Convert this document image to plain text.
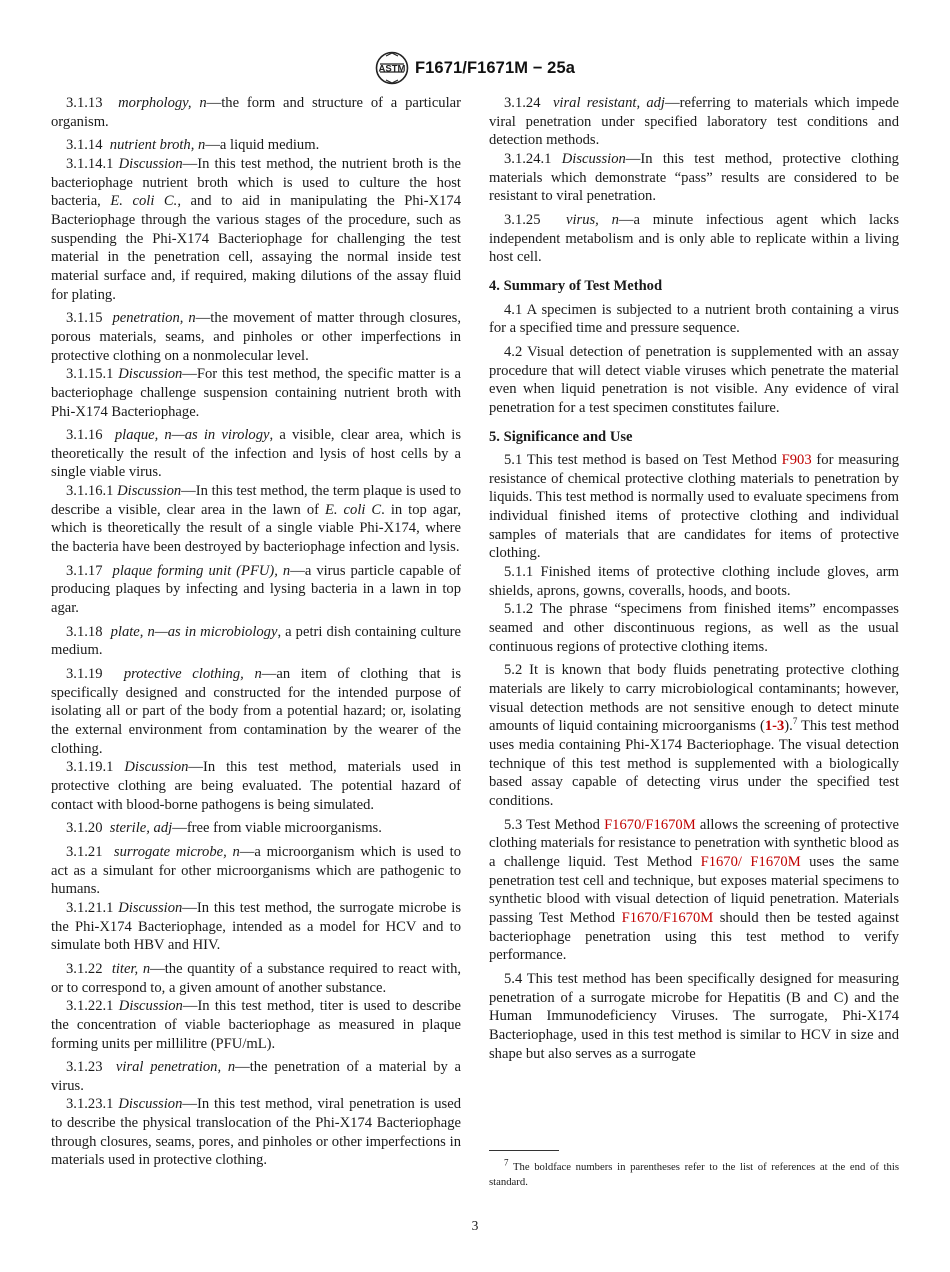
ASTM F1671/F1671M − 25a

3.1.13 morphology, n—the form and structure of a particular organism.

3.1.14 nutrient broth, n—a liquid medium.

3.1.14.1 Discussion—In this test method, the nutrient broth is the bacteriophage nutrient broth which is used to culture the host bacteria, E. coli C., and to aid in manipulating the Phi-X174 Bacteriophage through the various stages of the procedure, such as suspending the Phi-X174 Bacteriophage for challenging the test material in the penetration cell, assaying the normal inside test material surface and, if required, making dilutions of the assay fluid for plating.

3.1.15 penetration, n—the movement of matter through closures, porous materials, seams, and pinholes or other imperfections in protective clothing on a nonmolecular level.

3.1.15.1 Discussion—For this test method, the specific matter is a bacteriophage challenge suspension containing nutrient broth with Phi-X174 Bacteriophage.

3.1.16 plaque, n—as in virology, a visible, clear area, which is theoretically the result of the infection and lysis of host cells by a single viable virus.

3.1.16.1 Discussion—In this test method, the term plaque is used to describe a visible, clear area in the lawn of E. coli C. in top agar, which is theoretically the result of a single viable Phi-X174, where the bacteria have been destroyed by bacteriophage infection and lysis.

3.1.17 plaque forming unit (PFU), n—a virus particle capable of producing plaques by infecting and lysing bacteria in a lawn in top agar.

3.1.18 plate, n—as in microbiology, a petri dish containing culture medium.

3.1.19 protective clothing, n—an item of clothing that is specifically designed and constructed for the intended purpose of isolating all or part of the body from a potential hazard; or, isolating the external environment from contamination by the wearer of the clothing.

3.1.19.1 Discussion—In this test method, materials used in protective clothing are being evaluated. The potential hazard of contact with blood-borne pathogens is being simulated.

3.1.20 sterile, adj—free from viable microorganisms.

3.1.21 surrogate microbe, n—a microorganism which is used to act as a simulant for other microorganisms which are pathogenic to humans.

3.1.21.1 Discussion—In this test method, the surrogate microbe is the Phi-X174 Bacteriophage, intended as a model for HCV and to simulate both HBV and HIV.

3.1.22 titer, n—the quantity of a substance required to react with, or to correspond to, a given amount of another substance.

3.1.22.1 Discussion—In this test method, titer is used to describe the concentration of viable bacteriophage as measured in plaque forming units per millilitre (PFU/mL).

3.1.23 viral penetration, n—the penetration of a material by a virus.

3.1.23.1 Discussion—In this test method, viral penetration is used to describe the physical translocation of the Phi-X174 Bacteriophage through closures, seams, pores, and pinholes or other imperfections in materials used in protective clothing.

3.1.24 viral resistant, adj—referring to materials which impede viral penetration under specified laboratory test conditions and detection methods.

3.1.24.1 Discussion—In this test method, protective clothing materials which demonstrate “pass” results are considered to be resistant to viral penetration.

3.1.25 virus, n—a minute infectious agent which lacks independent metabolism and is only able to replicate within a living host cell.

4. Summary of Test Method

4.1 A specimen is subjected to a nutrient broth containing a virus for a specified time and pressure sequence.

4.2 Visual detection of penetration is supplemented with an assay procedure that will detect viable viruses which penetrate the material even when liquid penetration is not visible. Any evidence of viral penetration for a test specimen constitutes failure.

5. Significance and Use

5.1 This test method is based on Test Method F903 for measuring resistance of chemical protective clothing materials to penetration by liquids. This test method is normally used to evaluate specimens from individual finished items of protective clothing and individual samples of materials that are candidates for items of protective clothing.

5.1.1 Finished items of protective clothing include gloves, arm shields, aprons, gowns, coveralls, hoods, and boots.

5.1.2 The phrase “specimens from finished items” encompasses seamed and other discontinuous regions, as well as the usual continuous regions of protective clothing items.

5.2 It is known that body fluids penetrating protective clothing materials are likely to carry microbiological contaminants; however, visual detection methods are not sensitive enough to detect minute amounts of liquid containing microorganisms (1-3).$^7$ This test method uses media containing Phi-X174 Bacteriophage. The visual detection technique of this test method is supplemented with a biologically based assay capable of detecting virus under the specified test conditions.

5.3 Test Method F1670/F1670M allows the screening of protective clothing materials for resistance to penetration with synthetic blood as a challenge liquid. Test Method F1670/ F1670M uses the same penetration test cell and technique, but exposes material specimens to synthetic blood with visual detection of liquid penetration. Materials passing Test Method F1670/F1670M should then be tested against bacteriophage penetration using this test method to verify performance.

5.4 This test method has been specifically designed for measuring penetration of a surrogate microbe for Hepatitis (B and C) and the Human Immunodeficiency Viruses. The surrogate, Phi-X174 Bacteriophage, used in this test method is similar to HCV in size and shape but also serves as a surrogate

$^7$ The boldface numbers in parentheses refer to the list of references at the end of this standard.

3
